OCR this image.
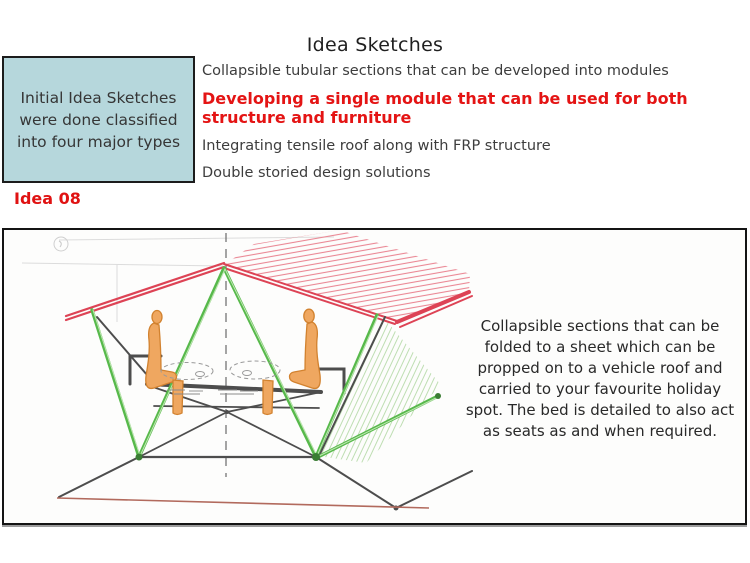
Idea Sketches
Initial Idea Sketches
were done classified
into four major types
Collapsible tubular sections that can be developed into modules
Developing a single module that can be used for both structure and furniture
Integrating tensile roof along with FRP structure
Double storied design solutions
Idea 08
Collapsible sections that can be
folded to a sheet which can be
propped on to a vehicle roof and
carried to your favourite holiday
spot. The bed is detailed to also act
as seats as and when required.
